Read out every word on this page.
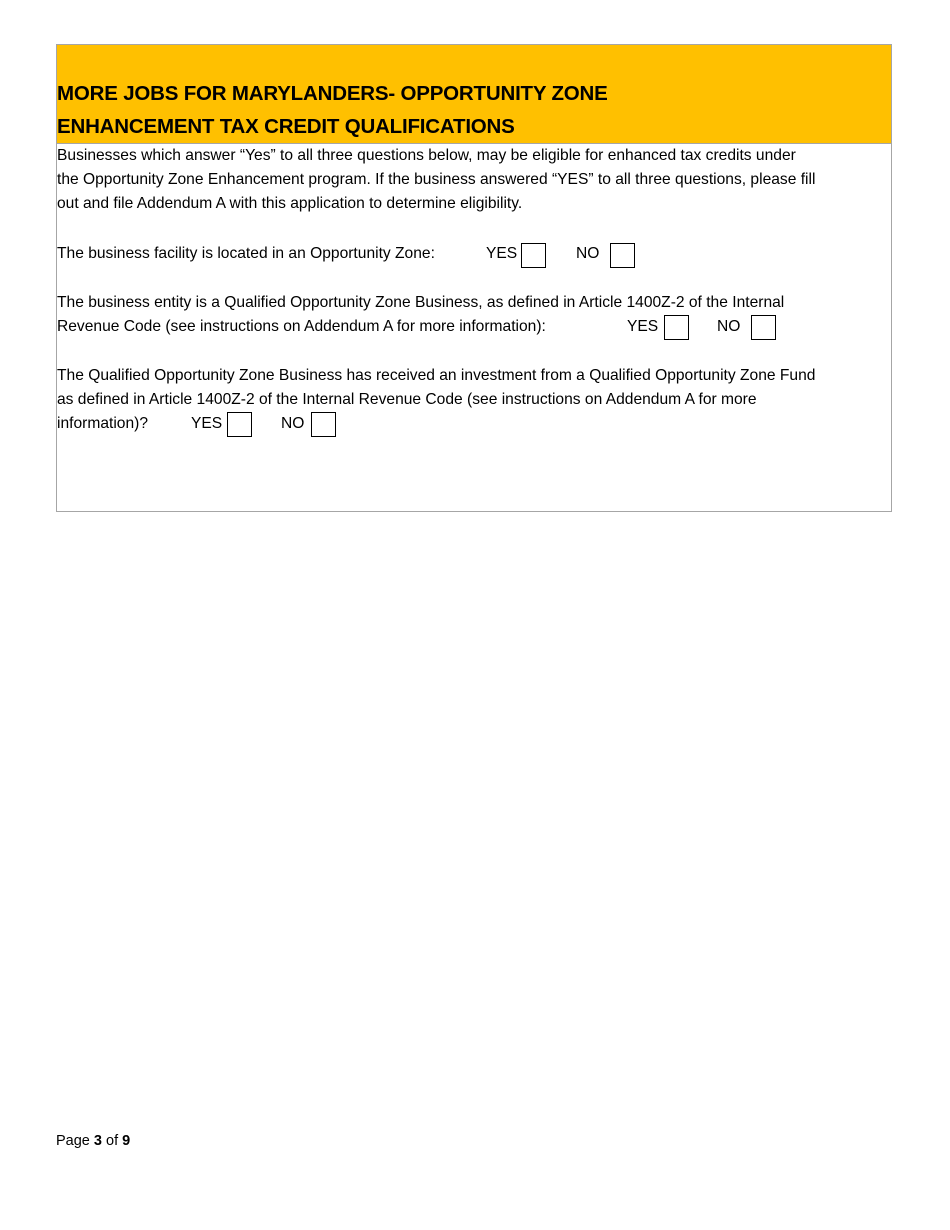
MORE JOBS FOR MARYLANDERS- OPPORTUNITY ZONE
ENHANCEMENT TAX CREDIT QUALIFICATIONS
Businesses which answer “Yes” to all three questions below, may be eligible for enhanced tax credits under
the Opportunity Zone Enhancement program. If the business answered “YES” to all three questions, please fill
out and file Addendum A with this application to determine eligibility.
The business facility is located in an Opportunity Zone:	YES	NO
The business entity is a Qualified Opportunity Zone Business, as defined in Article 1400Z-2 of the Internal
Revenue Code (see instructions on Addendum A for more information):	YES	NO
The Qualified Opportunity Zone Business has received an investment from a Qualified Opportunity Zone Fund
as defined in Article 1400Z-2 of the Internal Revenue Code (see instructions on Addendum A for more
information)?	YES	NO
Page 3 of 9
